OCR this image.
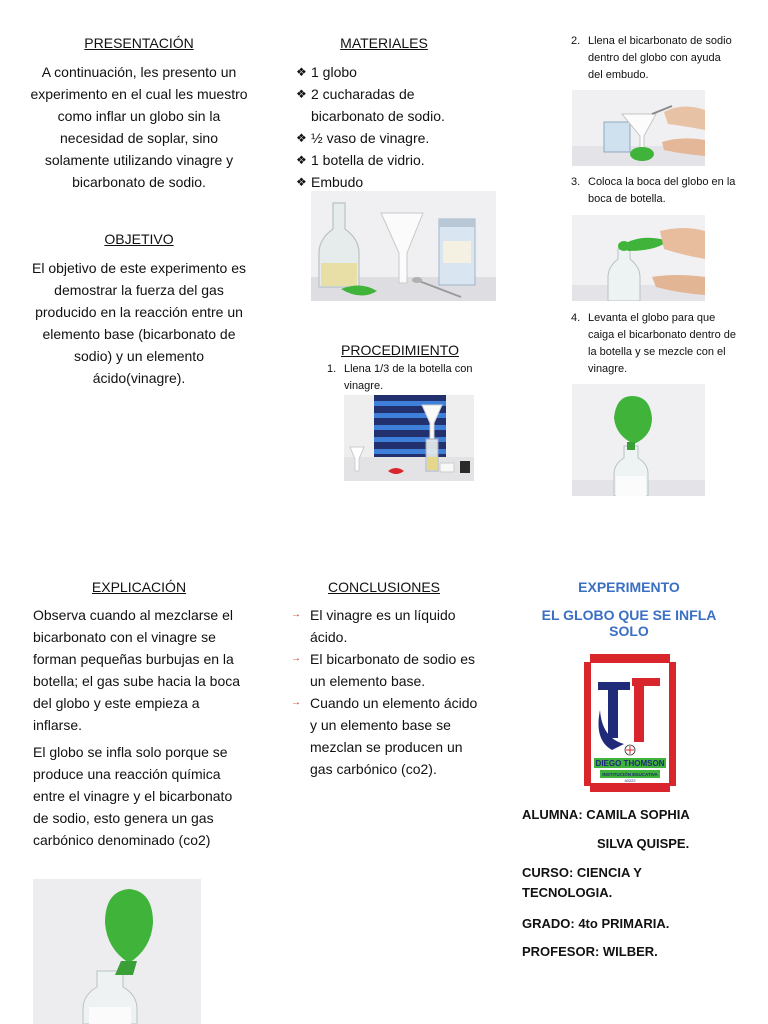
PRESENTACIÓN
A continuación, les presento un experimento en el cual les muestro como inflar un globo sin la necesidad de soplar, sino solamente utilizando vinagre y bicarbonato de sodio.
OBJETIVO
El objetivo de este experimento es demostrar la fuerza del gas producido en la reacción entre un elemento base (bicarbonato de sodio) y un elemento ácido(vinagre).
MATERIALES
❖ 1 globo
❖ 2 cucharadas de bicarbonato de sodio.
❖ ½ vaso de vinagre.
❖ 1 botella de vidrio.
❖ Embudo
PROCEDIMIENTO
1. Llena 1/3 de la botella con vinagre.
2. Llena el bicarbonato de sodio dentro del globo con ayuda del embudo.
3. Coloca la boca del globo en la boca de botella.
4. Levanta el globo para que caiga el bicarbonato dentro de la botella y se mezcle con el vinagre.
EXPLICACIÓN
Observa cuando al mezclarse el bicarbonato con el vinagre se forman pequeñas burbujas en la botella; el gas sube hacia la boca del globo y este empieza a inflarse.
El globo se infla solo porque se produce una reacción química entre el vinagre y el bicarbonato de sodio, esto genera un gas carbónico denominado (co2)
CONCLUSIONES
→ El vinagre es un líquido ácido.
→ El bicarbonato de sodio es un elemento base.
→ Cuando un elemento ácido y un elemento base se mezclan se producen un gas carbónico (co2).
EXPERIMENTO
EL GLOBO QUE SE INFLA SOLO
DIEGO THOMSON
INSTITUCIÓN EDUCATIVA
40222
ALUMNA: CAMILA SOPHIA
SILVA QUISPE.
CURSO: CIENCIA Y TECNOLOGIA.
GRADO: 4to PRIMARIA.
PROFESOR: WILBER.
